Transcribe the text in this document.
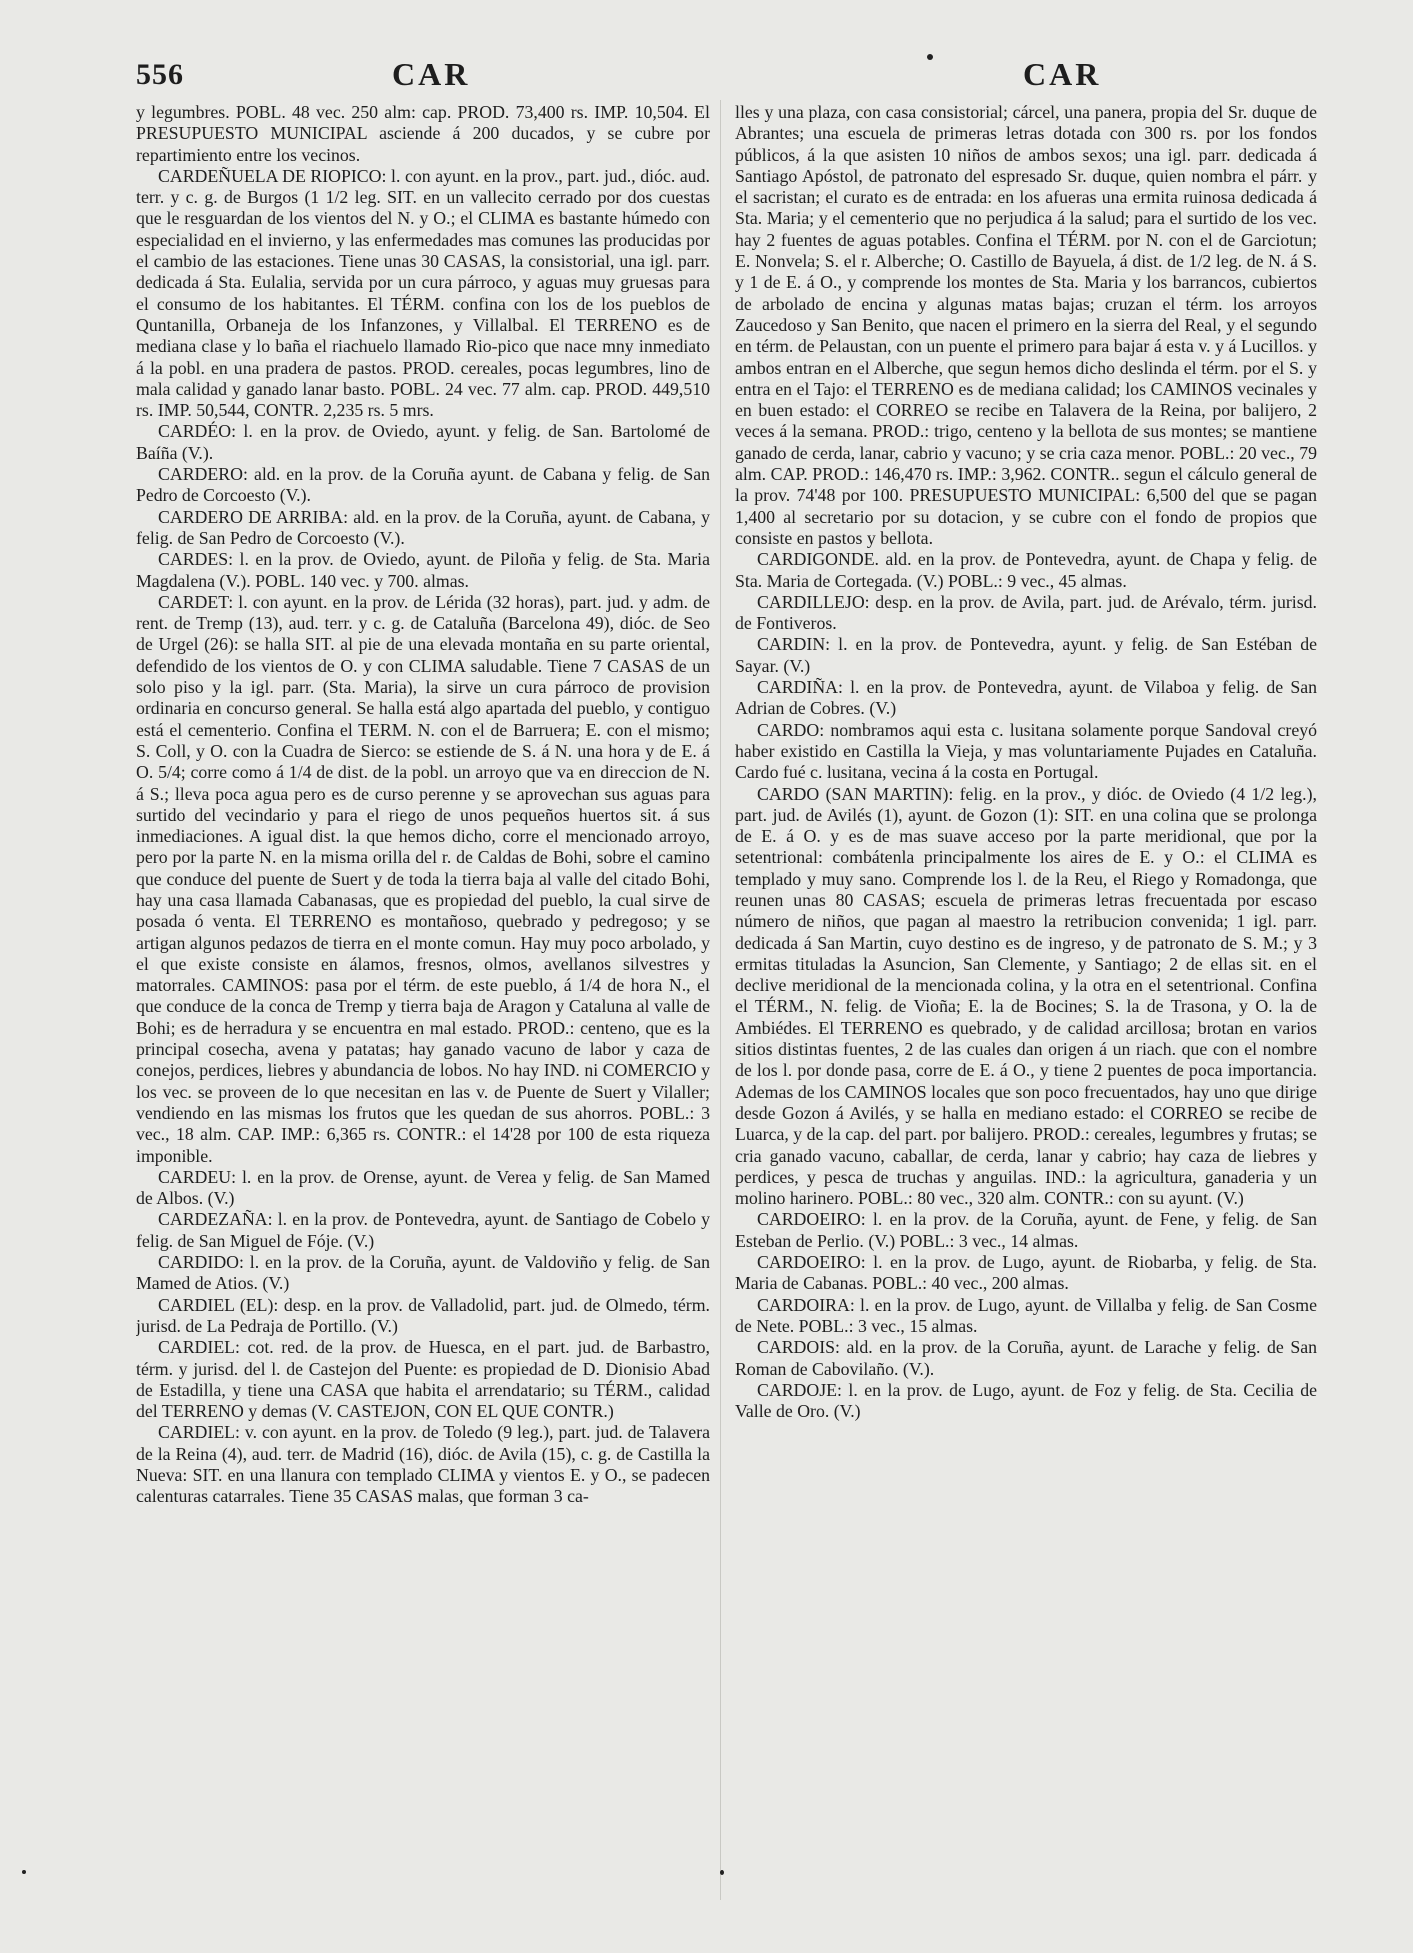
556	CAR	CAR

y legumbres. POBL. 48 vec. 250 alm: cap. PROD. 73,400 rs. IMP. 10,504. El PRESUPUESTO MUNICIPAL asciende á 200 ducados, y se cubre por repartimiento entre los vecinos.

CARDEÑUELA DE RIOPICO: l. con ayunt. en la prov., part. jud., dióc. aud. terr. y c. g. de Burgos (1 1/2 leg. SIT. en un vallecito cerrado por dos cuestas que le resguardan de los vientos del N. y O.; el CLIMA es bastante húmedo con especialidad en el invierno, y las enfermedades mas comunes las producidas por el cambio de las estaciones. Tiene unas 30 CASAS, la consistorial, una igl. parr. dedicada á Sta. Eulalia, servida por un cura párroco, y aguas muy gruesas para el consumo de los habitantes. El TÉRM. confina con los de los pueblos de Quntanilla, Orbaneja de los Infanzones, y Villalbal. El TERRENO es de mediana clase y lo baña el riachuelo llamado Rio-pico que nace mny inmediato á la pobl. en una pradera de pastos. PROD. cereales, pocas legumbres, lino de mala calidad y ganado lanar basto. POBL. 24 vec. 77 alm. cap. PROD. 449,510 rs. IMP. 50,544, CONTR. 2,235 rs. 5 mrs.

CARDÉO: l. en la prov. de Oviedo, ayunt. y felig. de San. Bartolomé de Baíña (V.).

CARDERO: ald. en la prov. de la Coruña ayunt. de Cabana y felig. de San Pedro de Corcoesto (V.).

CARDERO DE ARRIBA: ald. en la prov. de la Coruña, ayunt. de Cabana, y felig. de San Pedro de Corcoesto (V.).

CARDES: l. en la prov. de Oviedo, ayunt. de Piloña y felig. de Sta. Maria Magdalena (V.). POBL. 140 vec. y 700. almas.

CARDET: l. con ayunt. en la prov. de Lérida (32 horas), part. jud. y adm. de rent. de Tremp (13), aud. terr. y c. g. de Cataluña (Barcelona 49), dióc. de Seo de Urgel (26): se halla SIT. al pie de una elevada montaña en su parte oriental, defendido de los vientos de O. y con CLIMA saludable. Tiene 7 CASAS de un solo piso y la igl. parr. (Sta. Maria), la sirve un cura párroco de provision ordinaria en concurso general. Se halla está algo apartada del pueblo, y contiguo está el cementerio. Confina el TERM. N. con el de Barruera; E. con el mismo; S. Coll, y O. con la Cuadra de Sierco: se estiende de S. á N. una hora y de E. á O. 5/4; corre como á 1/4 de dist. de la pobl. un arroyo que va en direccion de N. á S.; lleva poca agua pero es de curso perenne y se aprovechan sus aguas para surtido del vecindario y para el riego de unos pequeños huertos sit. á sus inmediaciones. A igual dist. la que hemos dicho, corre el mencionado arroyo, pero por la parte N. en la misma orilla del r. de Caldas de Bohi, sobre el camino que conduce del puente de Suert y de toda la tierra baja al valle del citado Bohi, hay una casa llamada Cabanasas, que es propiedad del pueblo, la cual sirve de posada ó venta. El TERRENO es montañoso, quebrado y pedregoso; y se artigan algunos pedazos de tierra en el monte comun. Hay muy poco arbolado, y el que existe consiste en álamos, fresnos, olmos, avellanos silvestres y matorrales. CAMINOS: pasa por el térm. de este pueblo, á 1/4 de hora N., el que conduce de la conca de Tremp y tierra baja de Aragon y Cataluna al valle de Bohi; es de herradura y se encuentra en mal estado. PROD.: centeno, que es la principal cosecha, avena y patatas; hay ganado vacuno de labor y caza de conejos, perdices, liebres y abundancia de lobos. No hay IND. ni COMERCIO y los vec. se proveen de lo que necesitan en las v. de Puente de Suert y Vilaller; vendiendo en las mismas los frutos que les quedan de sus ahorros. POBL.: 3 vec., 18 alm. CAP. IMP.: 6,365 rs. CONTR.: el 14'28 por 100 de esta riqueza imponible.

CARDEU: l. en la prov. de Orense, ayunt. de Verea y felig. de San Mamed de Albos. (V.)

CARDEZAÑA: l. en la prov. de Pontevedra, ayunt. de Santiago de Cobelo y felig. de San Miguel de Fóje. (V.)

CARDIDO: l. en la prov. de la Coruña, ayunt. de Valdoviño y felig. de San Mamed de Atios. (V.)

CARDIEL (EL): desp. en la prov. de Valladolid, part. jud. de Olmedo, térm. jurisd. de La Pedraja de Portillo. (V.)

CARDIEL: cot. red. de la prov. de Huesca, en el part. jud. de Barbastro, térm. y jurisd. del l. de Castejon del Puente: es propiedad de D. Dionisio Abad de Estadilla, y tiene una CASA que habita el arrendatario; su TÉRM., calidad del TERRENO y demas (V. CASTEJON, CON EL QUE CONTR.)

CARDIEL: v. con ayunt. en la prov. de Toledo (9 leg.), part. jud. de Talavera de la Reina (4), aud. terr. de Madrid (16), dióc. de Avila (15), c. g. de Castilla la Nueva: SIT. en una llanura con templado CLIMA y vientos E. y O., se padecen calenturas catarrales. Tiene 35 CASAS malas, que forman 3 ca-

lles y una plaza, con casa consistorial; cárcel, una panera, propia del Sr. duque de Abrantes; una escuela de primeras letras dotada con 300 rs. por los fondos públicos, á la que asisten 10 niños de ambos sexos; una igl. parr. dedicada á Santiago Apóstol, de patronato del espresado Sr. duque, quien nombra el párr. y el sacristan; el curato es de entrada: en los afueras una ermita ruinosa dedicada á Sta. Maria; y el cementerio que no perjudica á la salud; para el surtido de los vec. hay 2 fuentes de aguas potables. Confina el TÉRM. por N. con el de Garciotun; E. Nonvela; S. el r. Alberche; O. Castillo de Bayuela, á dist. de 1/2 leg. de N. á S. y 1 de E. á O., y comprende los montes de Sta. Maria y los barrancos, cubiertos de arbolado de encina y algunas matas bajas; cruzan el térm. los arroyos Zaucedoso y San Benito, que nacen el primero en la sierra del Real, y el segundo en térm. de Pelaustan, con un puente el primero para bajar á esta v. y á Lucillos. y ambos entran en el Alberche, que segun hemos dicho deslinda el térm. por el S. y entra en el Tajo: el TERRENO es de mediana calidad; los CAMINOS vecinales y en buen estado: el CORREO se recibe en Talavera de la Reina, por balijero, 2 veces á la semana. PROD.: trigo, centeno y la bellota de sus montes; se mantiene ganado de cerda, lanar, cabrio y vacuno; y se cria caza menor. POBL.: 20 vec., 79 alm. CAP. PROD.: 146,470 rs. IMP.: 3,962. CONTR.. segun el cálculo general de la prov. 74'48 por 100. PRESUPUESTO MUNICIPAL: 6,500 del que se pagan 1,400 al secretario por su dotacion, y se cubre con el fondo de propios que consiste en pastos y bellota.

CARDIGONDE. ald. en la prov. de Pontevedra, ayunt. de Chapa y felig. de Sta. Maria de Cortegada. (V.) POBL.: 9 vec., 45 almas.

CARDILLEJO: desp. en la prov. de Avila, part. jud. de Arévalo, térm. jurisd. de Fontiveros.

CARDIN: l. en la prov. de Pontevedra, ayunt. y felig. de San Estéban de Sayar. (V.)

CARDIÑA: l. en la prov. de Pontevedra, ayunt. de Vilaboa y felig. de San Adrian de Cobres. (V.)

CARDO: nombramos aqui esta c. lusitana solamente porque Sandoval creyó haber existido en Castilla la Vieja, y mas voluntariamente Pujades en Cataluña. Cardo fué c. lusitana, vecina á la costa en Portugal.

CARDO (SAN MARTIN): felig. en la prov., y dióc. de Oviedo (4 1/2 leg.), part. jud. de Avilés (1), ayunt. de Gozon (1): SIT. en una colina que se prolonga de E. á O. y es de mas suave acceso por la parte meridional, que por la setentrional: combátenla principalmente los aires de E. y O.: el CLIMA es templado y muy sano. Comprende los l. de la Reu, el Riego y Romadonga, que reunen unas 80 CASAS; escuela de primeras letras frecuentada por escaso número de niños, que pagan al maestro la retribucion convenida; 1 igl. parr. dedicada á San Martin, cuyo destino es de ingreso, y de patronato de S. M.; y 3 ermitas tituladas la Asuncion, San Clemente, y Santiago; 2 de ellas sit. en el declive meridional de la mencionada colina, y la otra en el setentrional. Confina el TÉRM., N. felig. de Vioña; E. la de Bocines; S. la de Trasona, y O. la de Ambiédes. El TERRENO es quebrado, y de calidad arcillosa; brotan en varios sitios distintas fuentes, 2 de las cuales dan origen á un riach. que con el nombre de los l. por donde pasa, corre de E. á O., y tiene 2 puentes de poca importancia. Ademas de los CAMINOS locales que son poco frecuentados, hay uno que dirige desde Gozon á Avilés, y se halla en mediano estado: el CORREO se recibe de Luarca, y de la cap. del part. por balijero. PROD.: cereales, legumbres y frutas; se cria ganado vacuno, caballar, de cerda, lanar y cabrio; hay caza de liebres y perdices, y pesca de truchas y anguilas. IND.: la agricultura, ganaderia y un molino harinero. POBL.: 80 vec., 320 alm. CONTR.: con su ayunt. (V.)

CARDOEIRO: l. en la prov. de la Coruña, ayunt. de Fene, y felig. de San Esteban de Perlio. (V.) POBL.: 3 vec., 14 almas.

CARDOEIRO: l. en la prov. de Lugo, ayunt. de Riobarba, y felig. de Sta. Maria de Cabanas. POBL.: 40 vec., 200 almas.

CARDOIRA: l. en la prov. de Lugo, ayunt. de Villalba y felig. de San Cosme de Nete. POBL.: 3 vec., 15 almas.

CARDOIS: ald. en la prov. de la Coruña, ayunt. de Larache y felig. de San Roman de Cabovilaño. (V.).

CARDOJE: l. en la prov. de Lugo, ayunt. de Foz y felig. de Sta. Cecilia de Valle de Oro. (V.)
